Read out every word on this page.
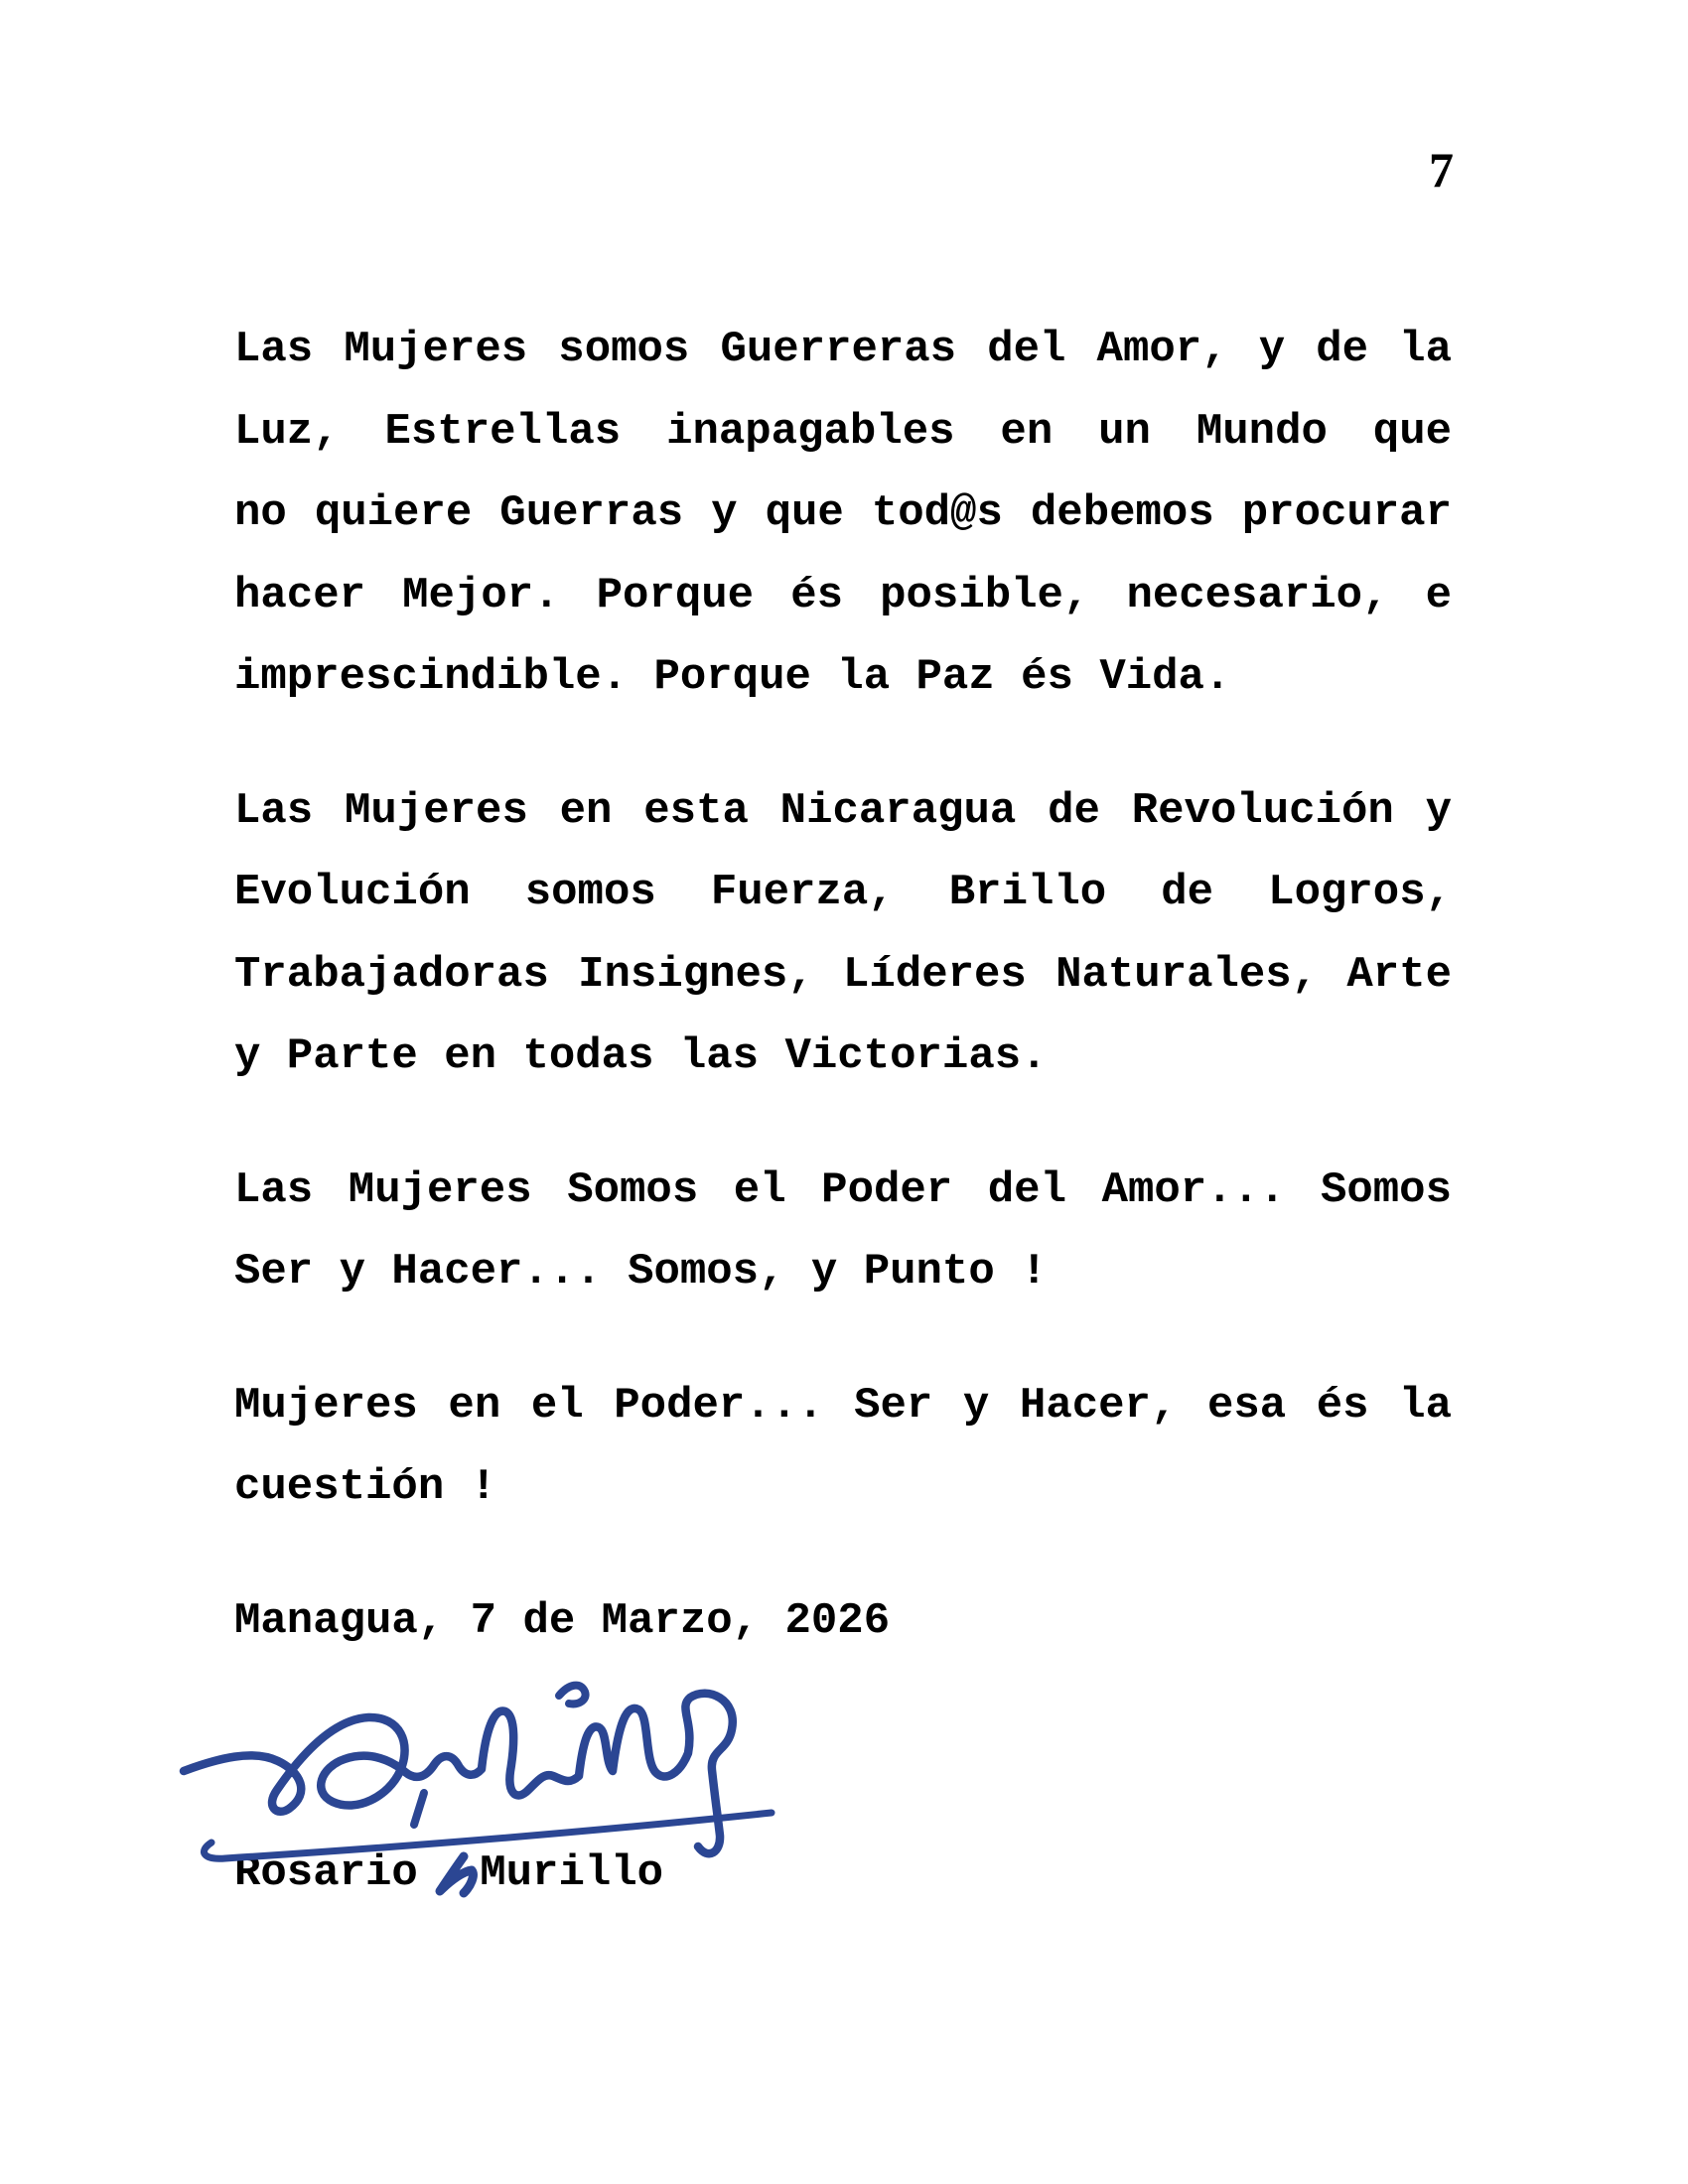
7
Las Mujeres somos Guerreras del Amor, y de la
Luz, Estrellas inapagables en un Mundo que
no quiere Guerras y que tod@s debemos procurar
hacer Mejor. Porque és posible, necesario, e
imprescindible. Porque la Paz és Vida.
Las Mujeres en esta Nicaragua de Revolución y
Evolución somos Fuerza, Brillo de Logros,
Trabajadoras Insignes, Líderes Naturales, Arte
y Parte en todas las Victorias.
Las Mujeres Somos el Poder del Amor... Somos
Ser y Hacer... Somos, y Punto !
Mujeres en el Poder... Ser y Hacer, esa és la
cuestión !
Managua, 7 de Marzo, 2026
Rosario Murillo
